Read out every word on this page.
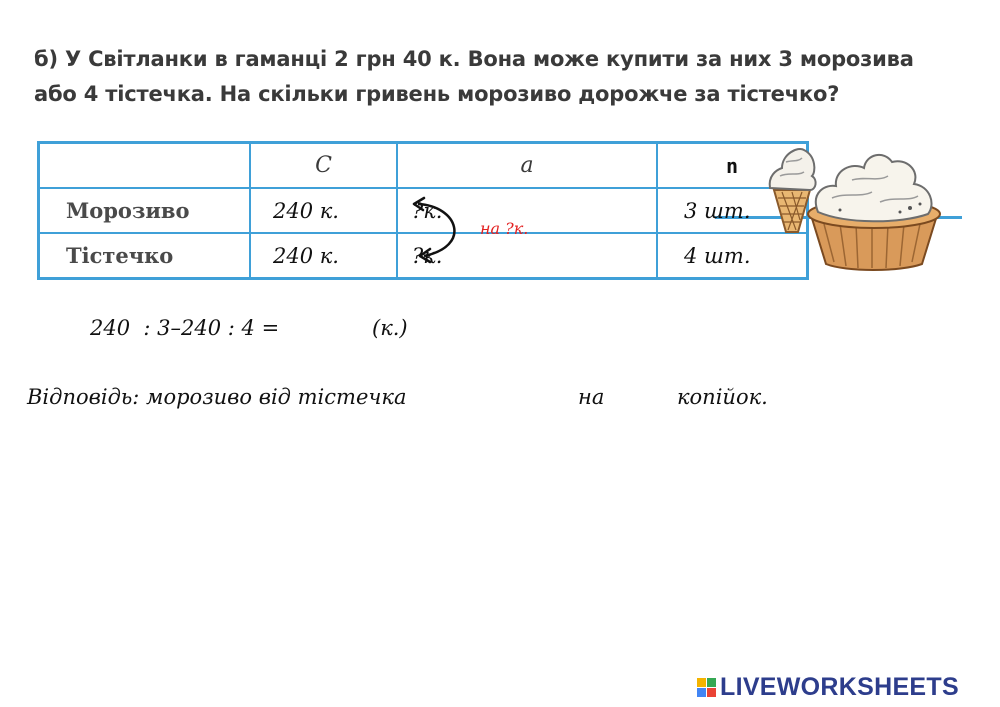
б) У Світланки в гаманці 2 грн 40 к. Вона може купити за них 3 морозива
або 4 тістечка. На скільки гривень морозиво дорожче за тістечко?
	C	a	n
Морозиво	240 к.	?к.	3 шт.
Тістечко	240 к.	?к.	4 шт.
на ?к.
240  : 3–240 : 4 =	(к.)
Відповідь: морозиво від тістечка	на	копійок.
LIVEWORKSHEETS
